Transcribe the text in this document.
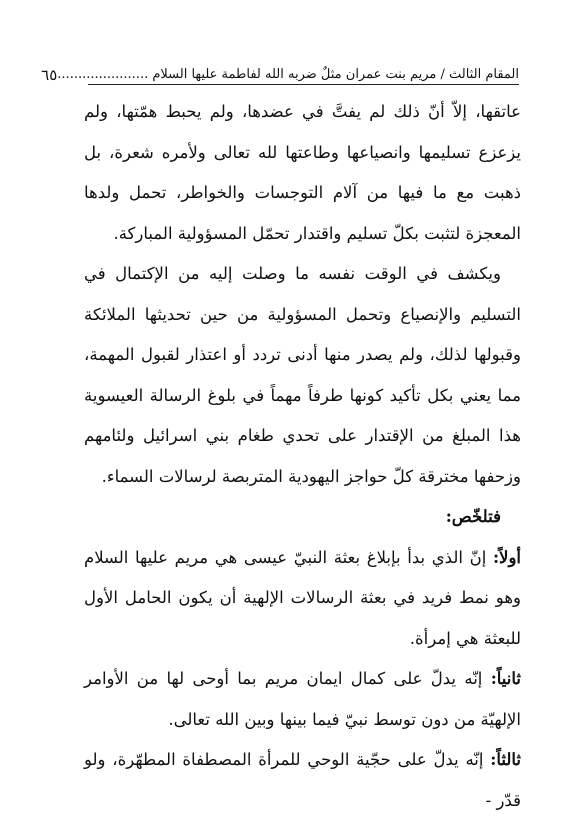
المقام الثالث / مريم بنت عمران مثلٌ ضربه الله لفاطمة عليها السلام ......................
٦٥

عاتقها، إلاّ أنّ ذلك لم يفتَّ في عضدها، ولم يحبط همّتها، ولم يزعزع تسليمها وانصياعها وطاعتها لله تعالى ولأمره شعرة، بل ذهبت مع ما فيها من آلام التوجسات والخواطر، تحمل ولدها المعجزة لتثبت بكلّ تسليم واقتدار تحمّل المسؤولية المباركة.

ويكشف في الوقت نفسه ما وصلت إليه من الإكتمال في التسليم والإنصياع وتحمل المسؤولية من حين تحديثها الملائكة وقبولها لذلك، ولم يصدر منها أدنى تردد أو اعتذار لقبول المهمة، مما يعني بكل تأكيد كونها طرفاً مهماً في بلوغ الرسالة العيسوية هذا المبلغ من الإقتدار على تحدي طغام بني اسرائيل ولئامهم وزحفها مخترقة كلّ حواجز اليهودية المتربصة لرسالات السماء.

فتلخّص:

أولاً: إنّ الذي بدأ بإبلاغ بعثة النبيّ عيسى هي مريم عليها السلام وهو نمط فريد في بعثة الرسالات الإلهية أن يكون الحامل الأول للبعثة هي إمرأة.

ثانياً: إنّه يدلّ على كمال ايمان مريم بما أوحى لها من الأوامر الإلهيّة من دون توسط نبيّ فيما بينها وبين الله تعالى.

ثالثاً: إنّه يدلّ على حجّية الوحي للمرأة المصطفاة المطهّرة، ولو قدّر -
